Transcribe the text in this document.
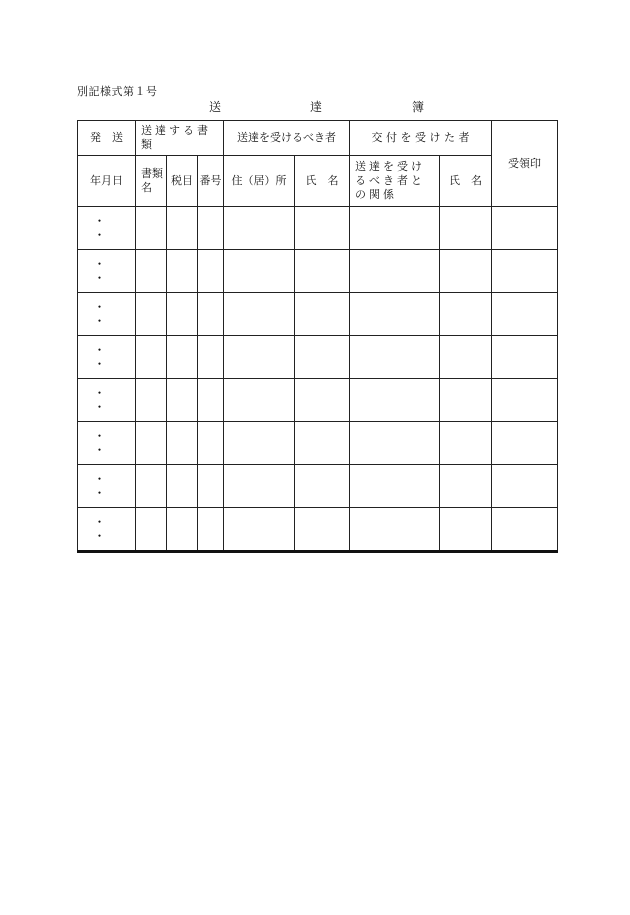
別記様式第１号
送	達	簿
発　送	送達する書類			送達を受けるべき者		交 付 を 受 け た 者		受領印
年月日	書類名	税目	番号	住（居）所	氏　名	送達を受けるべき者との関係	氏　名	
・ ・								
・ ・								
・ ・								
・ ・								
・ ・								
・ ・								
・ ・								
・ ・								
